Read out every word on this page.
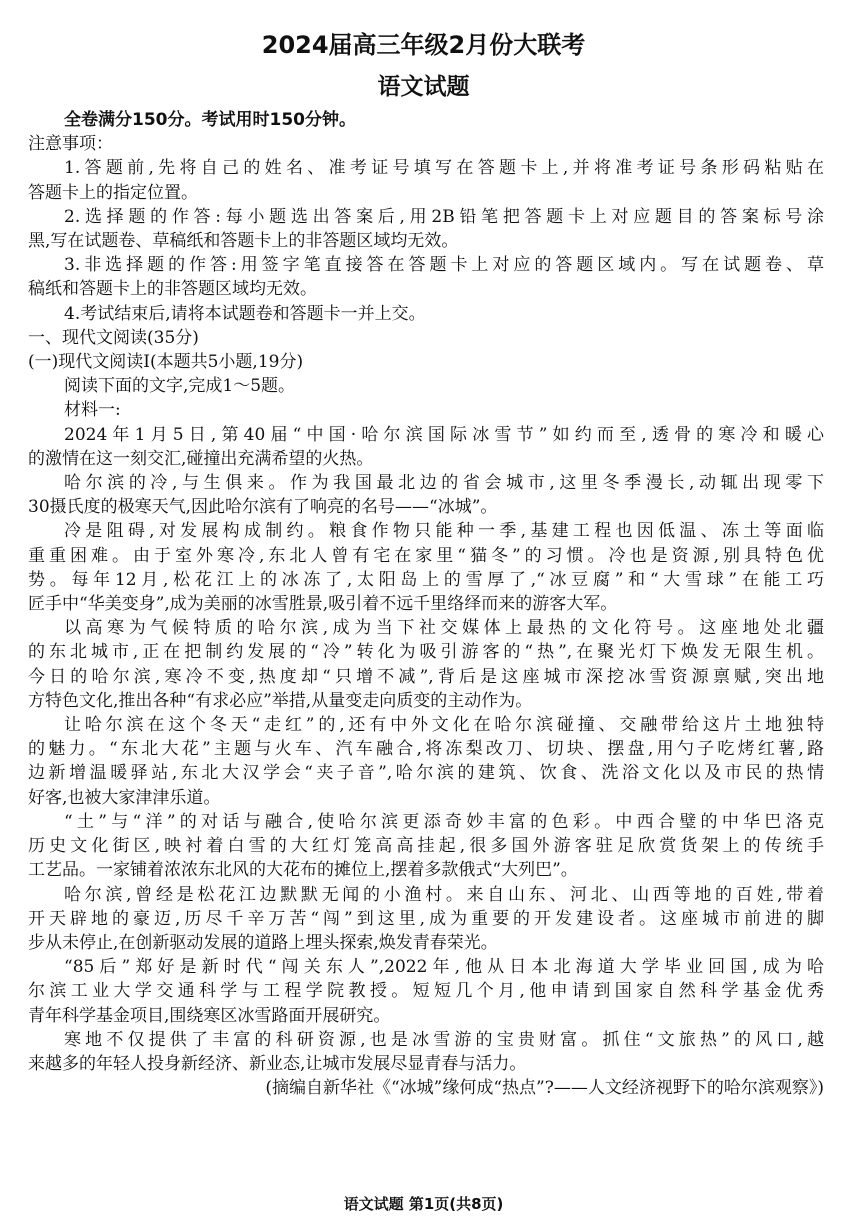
2024届高三年级2月份大联考
语文试题
全卷满分150分。考试用时150分钟。
注意事项：
1.答题前,先将自己的姓名、准考证号填写在答题卡上,并将准考证号条形码粘贴在
答题卡上的指定位置。
2.选择题的作答:每小题选出答案后,用2B铅笔把答题卡上对应题目的答案标号涂
黑,写在试题卷、草稿纸和答题卡上的非答题区域均无效。
3.非选择题的作答:用签字笔直接答在答题卡上对应的答题区域内。写在试题卷、草
稿纸和答题卡上的非答题区域均无效。
4.考试结束后,请将本试题卷和答题卡一并上交。
一、现代文阅读(35分)
(一)现代文阅读Ⅰ(本题共5小题,19分)
阅读下面的文字,完成1～5题。
材料一:
2024年1月5日,第40届“中国·哈尔滨国际冰雪节”如约而至,透骨的寒冷和暖心
的激情在这一刻交汇,碰撞出充满希望的火热。
哈尔滨的冷,与生俱来。作为我国最北边的省会城市,这里冬季漫长,动辄出现零下
30摄氏度的极寒天气,因此哈尔滨有了响亮的名号——“冰城”。
冷是阻碍,对发展构成制约。粮食作物只能种一季,基建工程也因低温、冻土等面临
重重困难。由于室外寒冷,东北人曾有宅在家里“猫冬”的习惯。冷也是资源,别具特色优
势。每年12月,松花江上的冰冻了,太阳岛上的雪厚了,“冰豆腐”和“大雪球”在能工巧
匠手中“华美变身”,成为美丽的冰雪胜景,吸引着不远千里络绎而来的游客大军。
以高寒为气候特质的哈尔滨,成为当下社交媒体上最热的文化符号。这座地处北疆
的东北城市,正在把制约发展的“冷”转化为吸引游客的“热”,在聚光灯下焕发无限生机。
今日的哈尔滨,寒冷不变,热度却“只增不减”,背后是这座城市深挖冰雪资源禀赋,突出地
方特色文化,推出各种“有求必应”举措,从量变走向质变的主动作为。
让哈尔滨在这个冬天“走红”的,还有中外文化在哈尔滨碰撞、交融带给这片土地独特
的魅力。“东北大花”主题与火车、汽车融合,将冻梨改刀、切块、摆盘,用勺子吃烤红薯,路
边新增温暖驿站,东北大汉学会“夹子音”,哈尔滨的建筑、饮食、洗浴文化以及市民的热情
好客,也被大家津津乐道。
“土”与“洋”的对话与融合,使哈尔滨更添奇妙丰富的色彩。中西合璧的中华巴洛克
历史文化街区,映衬着白雪的大红灯笼高高挂起,很多国外游客驻足欣赏货架上的传统手
工艺品。一家铺着浓浓东北风的大花布的摊位上,摆着多款俄式“大列巴”。
哈尔滨,曾经是松花江边默默无闻的小渔村。来自山东、河北、山西等地的百姓,带着
开天辟地的豪迈,历尽千辛万苦“闯”到这里,成为重要的开发建设者。这座城市前进的脚
步从未停止,在创新驱动发展的道路上埋头探索,焕发青春荣光。
“85后”郑好是新时代“闯关东人”,2022年,他从日本北海道大学毕业回国,成为哈
尔滨工业大学交通科学与工程学院教授。短短几个月,他申请到国家自然科学基金优秀
青年科学基金项目,围绕寒区冰雪路面开展研究。
寒地不仅提供了丰富的科研资源,也是冰雪游的宝贵财富。抓住“文旅热”的风口,越
来越多的年轻人投身新经济、新业态,让城市发展尽显青春与活力。
(摘编自新华社《“冰城”缘何成“热点”?——人文经济视野下的哈尔滨观察》)
语文试题 第1页(共8页)
